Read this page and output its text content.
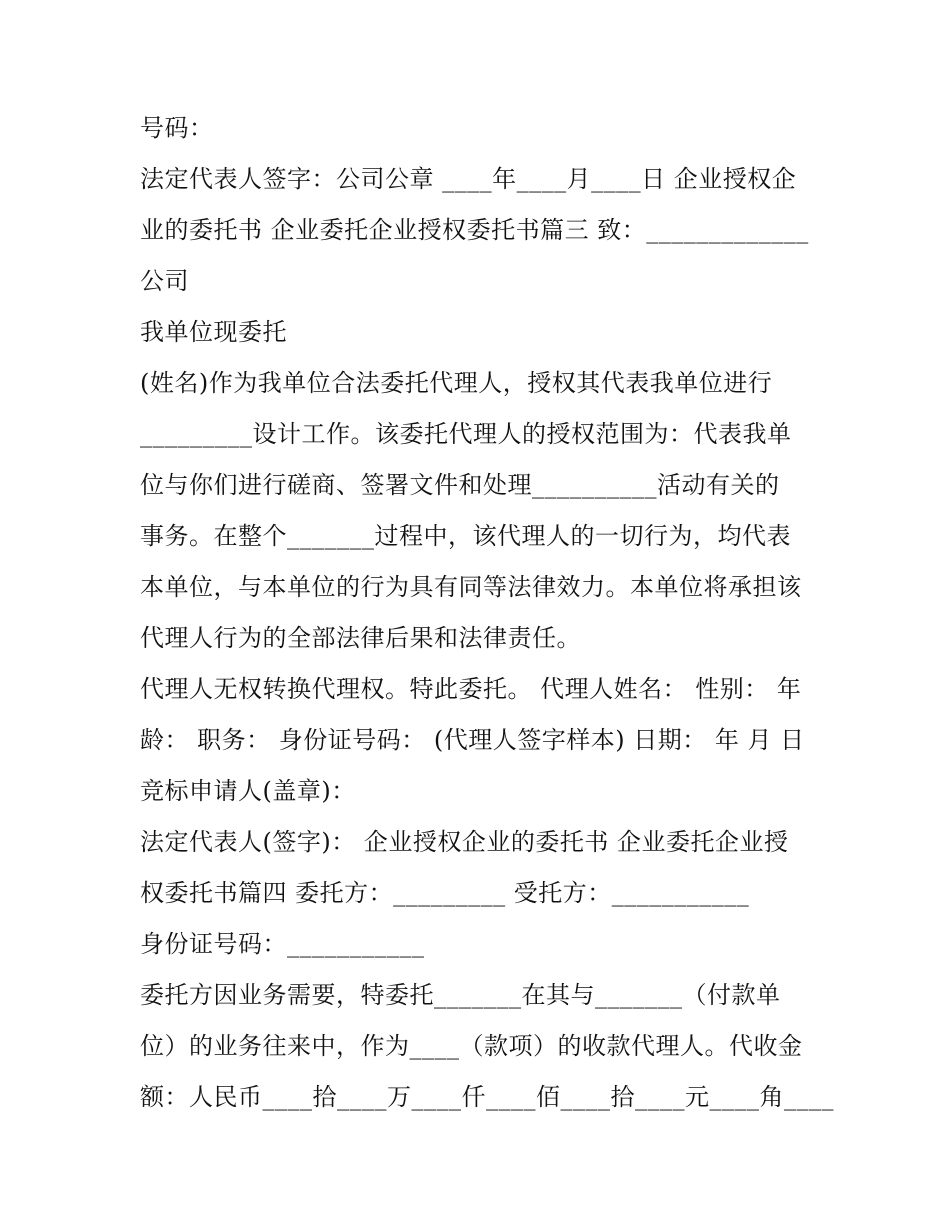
号码：
法定代表人签字：公司公章 ____年____月____日 企业授权企
业的委托书 企业委托企业授权委托书篇三 致：_____________
公司
我单位现委托
(姓名)作为我单位合法委托代理人，授权其代表我单位进行
_________设计工作。该委托代理人的授权范围为：代表我单
位与你们进行磋商、签署文件和处理__________活动有关的
事务。在整个_______过程中，该代理人的一切行为，均代表
本单位，与本单位的行为具有同等法律效力。本单位将承担该
代理人行为的全部法律后果和法律责任。
代理人无权转换代理权。特此委托。 代理人姓名： 性别： 年
龄： 职务： 身份证号码： (代理人签字样本) 日期： 年 月 日
竞标申请人(盖章)：
法定代表人(签字)： 企业授权企业的委托书 企业委托企业授
权委托书篇四 委托方：_________ 受托方：___________
身份证号码：___________
委托方因业务需要，特委托_______在其与_______（付款单
位）的业务往来中，作为____（款项）的收款代理人。代收金
额：人民币____拾____万____仟____佰____拾____元____角____
